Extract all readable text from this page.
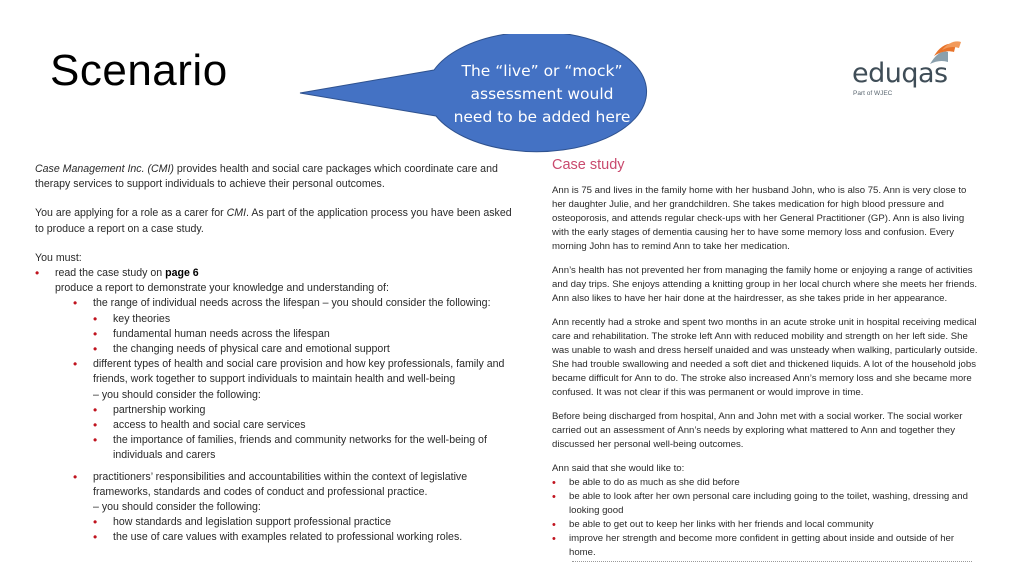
Scenario	The “live” or “mock”
assessment would
need to be added here
eduqas
Part of WJEC

Case Management Inc. (CMI) provides health and social care packages which coordinate care and therapy services to support individuals to achieve their personal outcomes.

You are applying for a role as a carer for CMI. As part of the application process you have been asked to produce a report on a case study.

You must:
• read the case study on page 6
produce a report to demonstrate your knowledge and understanding of:
• the range of individual needs across the lifespan – you should consider the following:
• key theories
• fundamental human needs across the lifespan
• the changing needs of physical care and emotional support
• different types of health and social care provision and how key professionals, family and friends, work together to support individuals to maintain health and well-being
– you should consider the following:
• partnership working
• access to health and social care services
• the importance of families, friends and community networks for the well-being of individuals and carers
• practitioners’ responsibilities and accountabilities within the context of legislative frameworks, standards and codes of conduct and professional practice.
– you should consider the following:
• how standards and legislation support professional practice
• the use of care values with examples related to professional working roles.
Case study

Ann is 75 and lives in the family home with her husband John, who is also 75. Ann is very close to her daughter Julie, and her grandchildren. She takes medication for high blood pressure and osteoporosis, and attends regular check-ups with her General Practitioner (GP). Ann is also living with the early stages of dementia causing her to have some memory loss and confusion. Every morning John has to remind Ann to take her medication.

Ann’s health has not prevented her from managing the family home or enjoying a range of activities and day trips. She enjoys attending a knitting group in her local church where she meets her friends. Ann also likes to have her hair done at the hairdresser, as she takes pride in her appearance.

Ann recently had a stroke and spent two months in an acute stroke unit in hospital receiving medical care and rehabilitation. The stroke left Ann with reduced mobility and strength on her left side. She was unable to wash and dress herself unaided and was unsteady when walking, particularly outside. She had trouble swallowing and needed a soft diet and thickened liquids. A lot of the household jobs became difficult for Ann to do. The stroke also increased Ann’s memory loss and she became more confused. It was not clear if this was permanent or would improve in time.

Before being discharged from hospital, Ann and John met with a social worker. The social worker carried out an assessment of Ann’s needs by exploring what mattered to Ann and together they discussed her personal well-being outcomes.

Ann said that she would like to:
• be able to do as much as she did before
• be able to look after her own personal care including going to the toilet, washing, dressing and looking good
• be able to get out to keep her links with her friends and local community
• improve her strength and become more confident in getting about inside and outside of her home.
